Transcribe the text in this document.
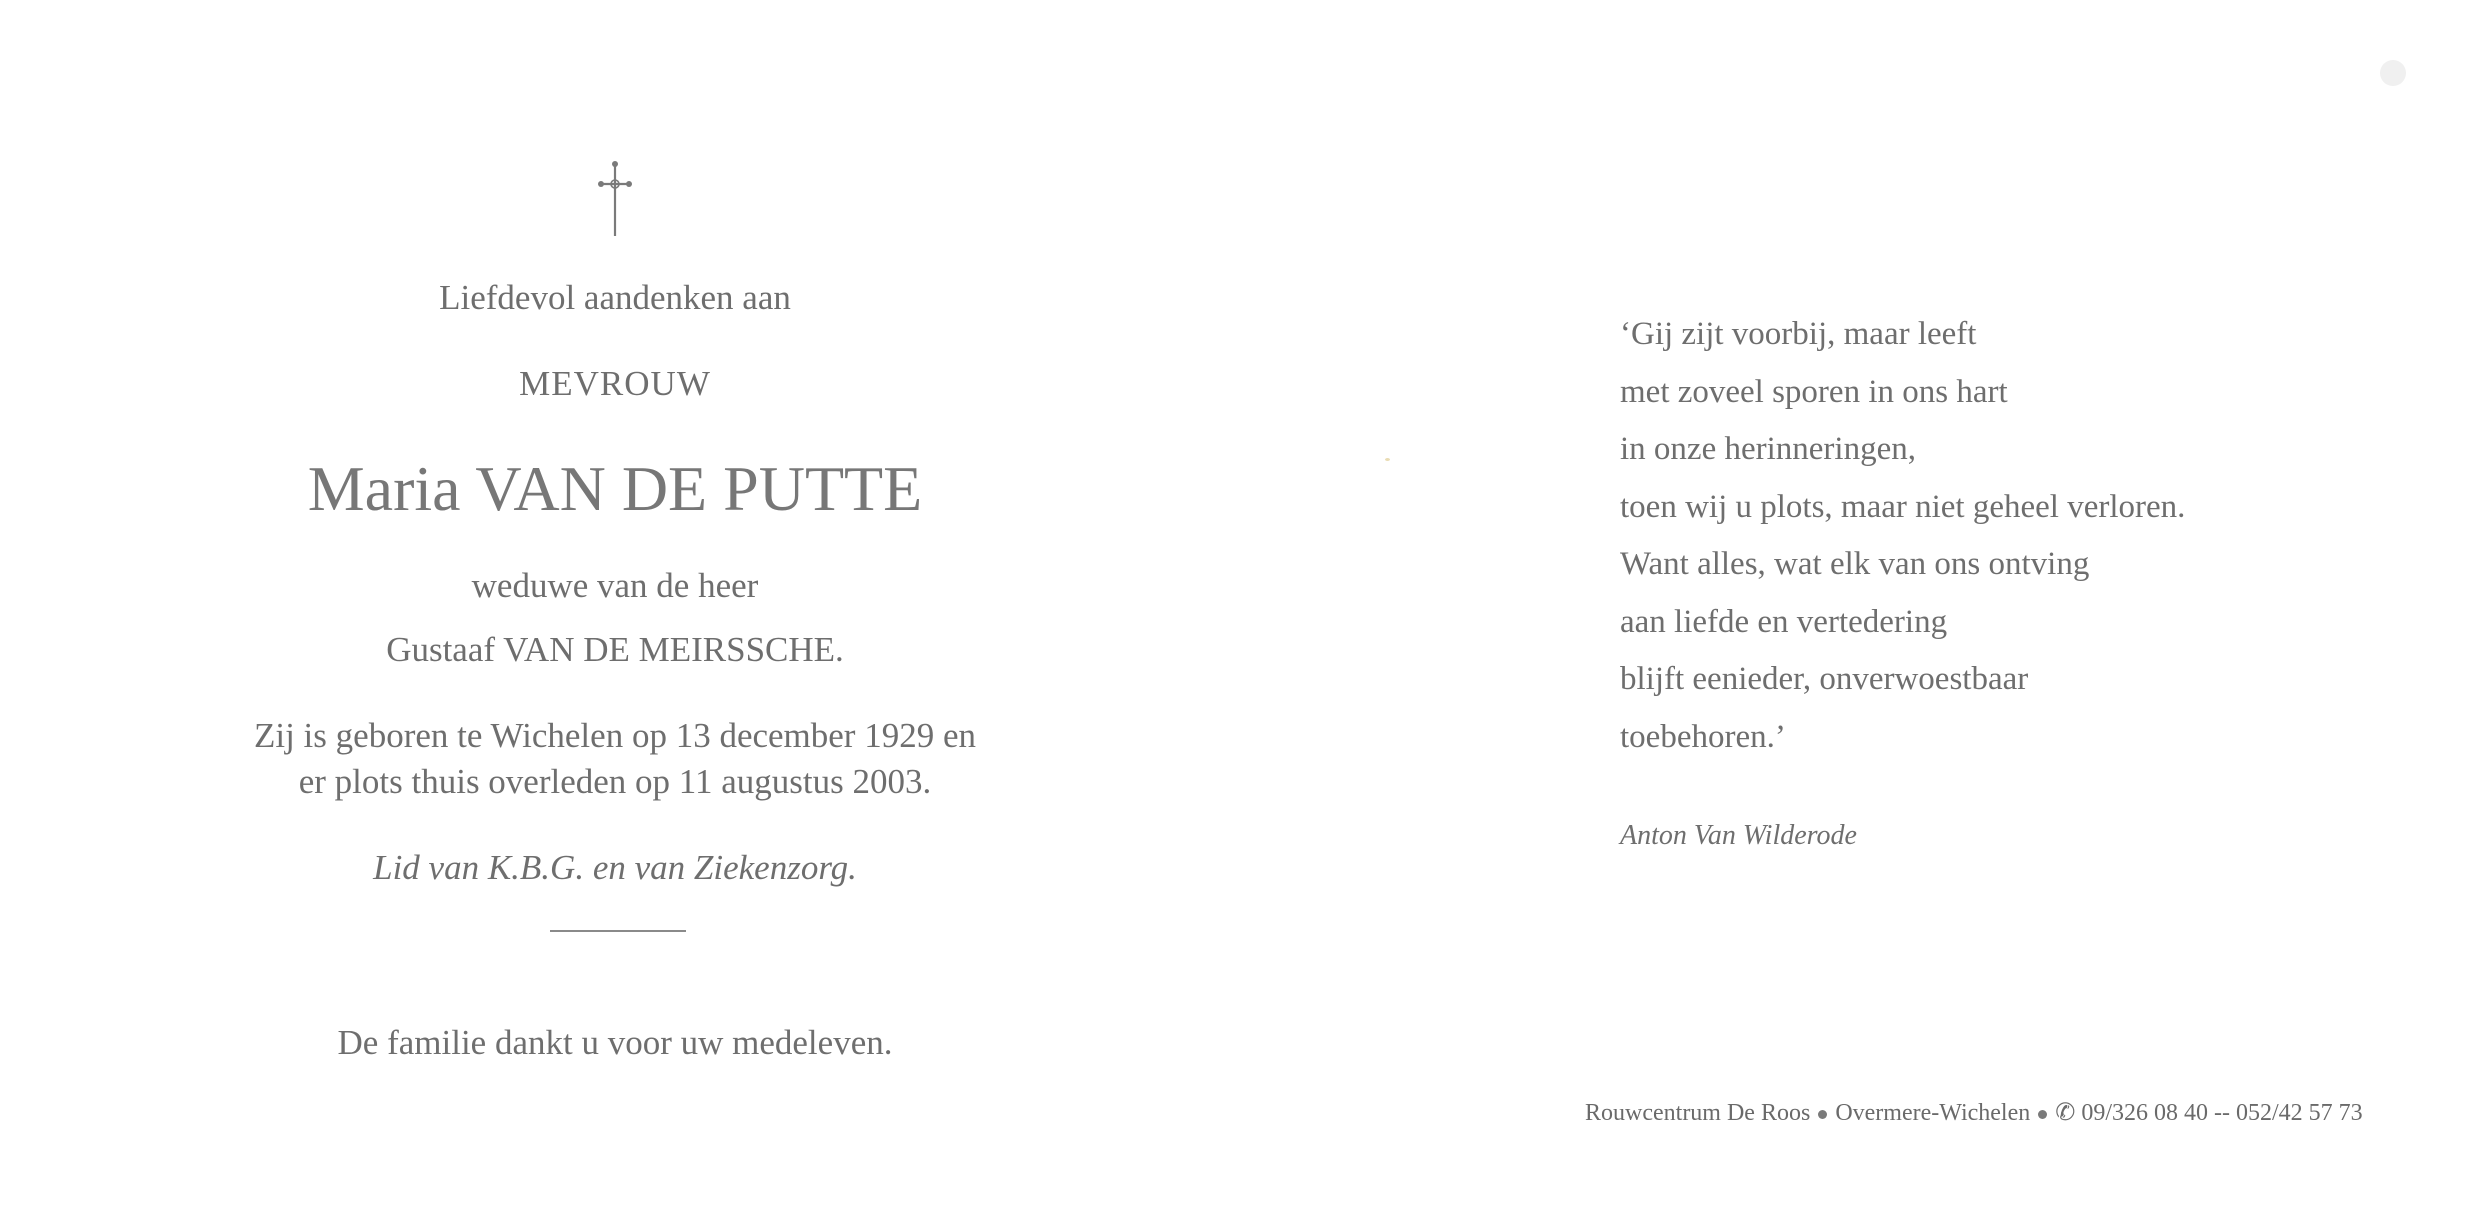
Liefdevol aandenken aan
MEVROUW
Maria VAN DE PUTTE
weduwe van de heer
Gustaaf VAN DE MEIRSSCHE.
Zij is geboren te Wichelen op 13 december 1929 en
er plots thuis overleden op 11 augustus 2003.
Lid van K.B.G. en van Ziekenzorg.
De familie dankt u voor uw medeleven.
‘Gij zijt voorbij, maar leeft
met zoveel sporen in ons hart
in onze herinneringen,
toen wij u plots, maar niet geheel verloren.
Want alles, wat elk van ons ontving
aan liefde en vertedering
blijft eenieder, onverwoestbaar
toebehoren.’
Anton Van Wilderode
Rouwcentrum De Roos Overmere-Wichelen ✆ 09/326 08 40 -- 052/42 57 73
